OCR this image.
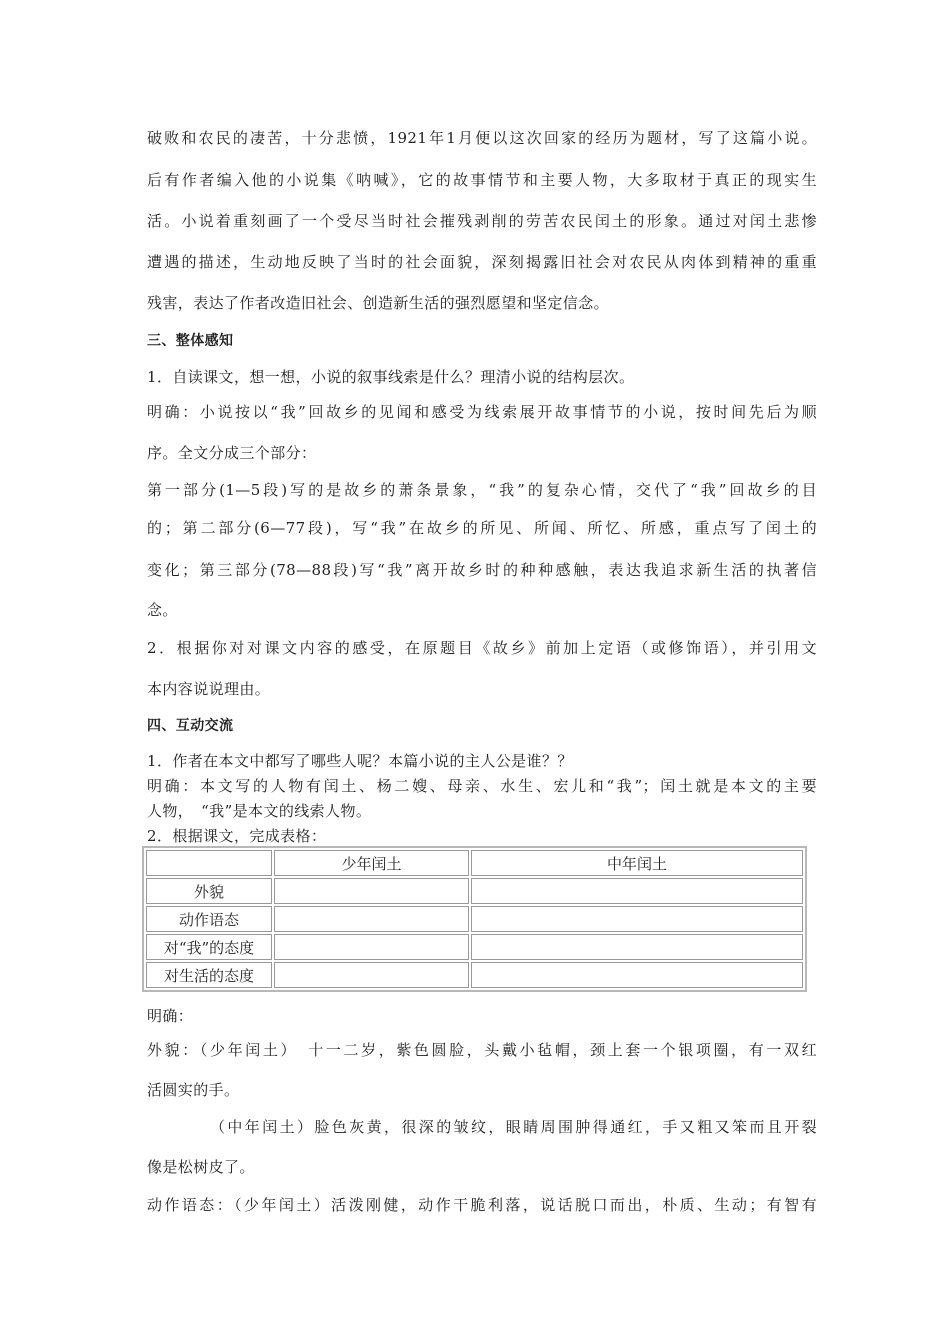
破败和农民的凄苦，十分悲愤，1921年1月便以这次回家的经历为题材，写了这篇小说。
后有作者编入他的小说集《呐喊》，它的故事情节和主要人物，大多取材于真正的现实生
活。小说着重刻画了一个受尽当时社会摧残剥削的劳苦农民闰土的形象。通过对闰土悲惨
遭遇的描述，生动地反映了当时的社会面貌，深刻揭露旧社会对农民从肉体到精神的重重
残害，表达了作者改造旧社会、创造新生活的强烈愿望和坚定信念。
三、整体感知
1．自读课文，想一想，小说的叙事线索是什么？理清小说的结构层次。
明确：小说按以“我”回故乡的见闻和感受为线索展开故事情节的小说，按时间先后为顺
序。全文分成三个部分：
第一部分(1—5段)写的是故乡的萧条景象，“我”的复杂心情，交代了“我”回故乡的目
的；第二部分(6—77段)，写“我”在故乡的所见、所闻、所忆、所感，重点写了闰土的
变化；第三部分(78—88段)写“我”离开故乡时的种种感触，表达我追求新生活的执著信
念。
2．根据你对对课文内容的感受，在原题目《故乡》前加上定语（或修饰语），并引用文
本内容说说理由。
四、互动交流
1．作者在本文中都写了哪些人呢？本篇小说的主人公是谁？？
明确：本文写的人物有闰土、杨二嫂、母亲、水生、宏儿和“我”；闰土就是本文的主要
人物，　“我”是本文的线索人物。
2．根据课文，完成表格：
	少年闰土	中年闰土
外貌		
动作语态		
对“我”的态度		
对生活的态度		
明确：
外貌：（少年闰土）　十一二岁，紫色圆脸，头戴小毡帽，颈上套一个银项圈，有一双红
活圆实的手。
（中年闰土）脸色灰黄，很深的皱纹，眼睛周围肿得通红，手又粗又笨而且开裂
像是松树皮了。
动作语态：（少年闰土）活泼刚健，动作干脆利落，说话脱口而出，朴质、生动；有智有
